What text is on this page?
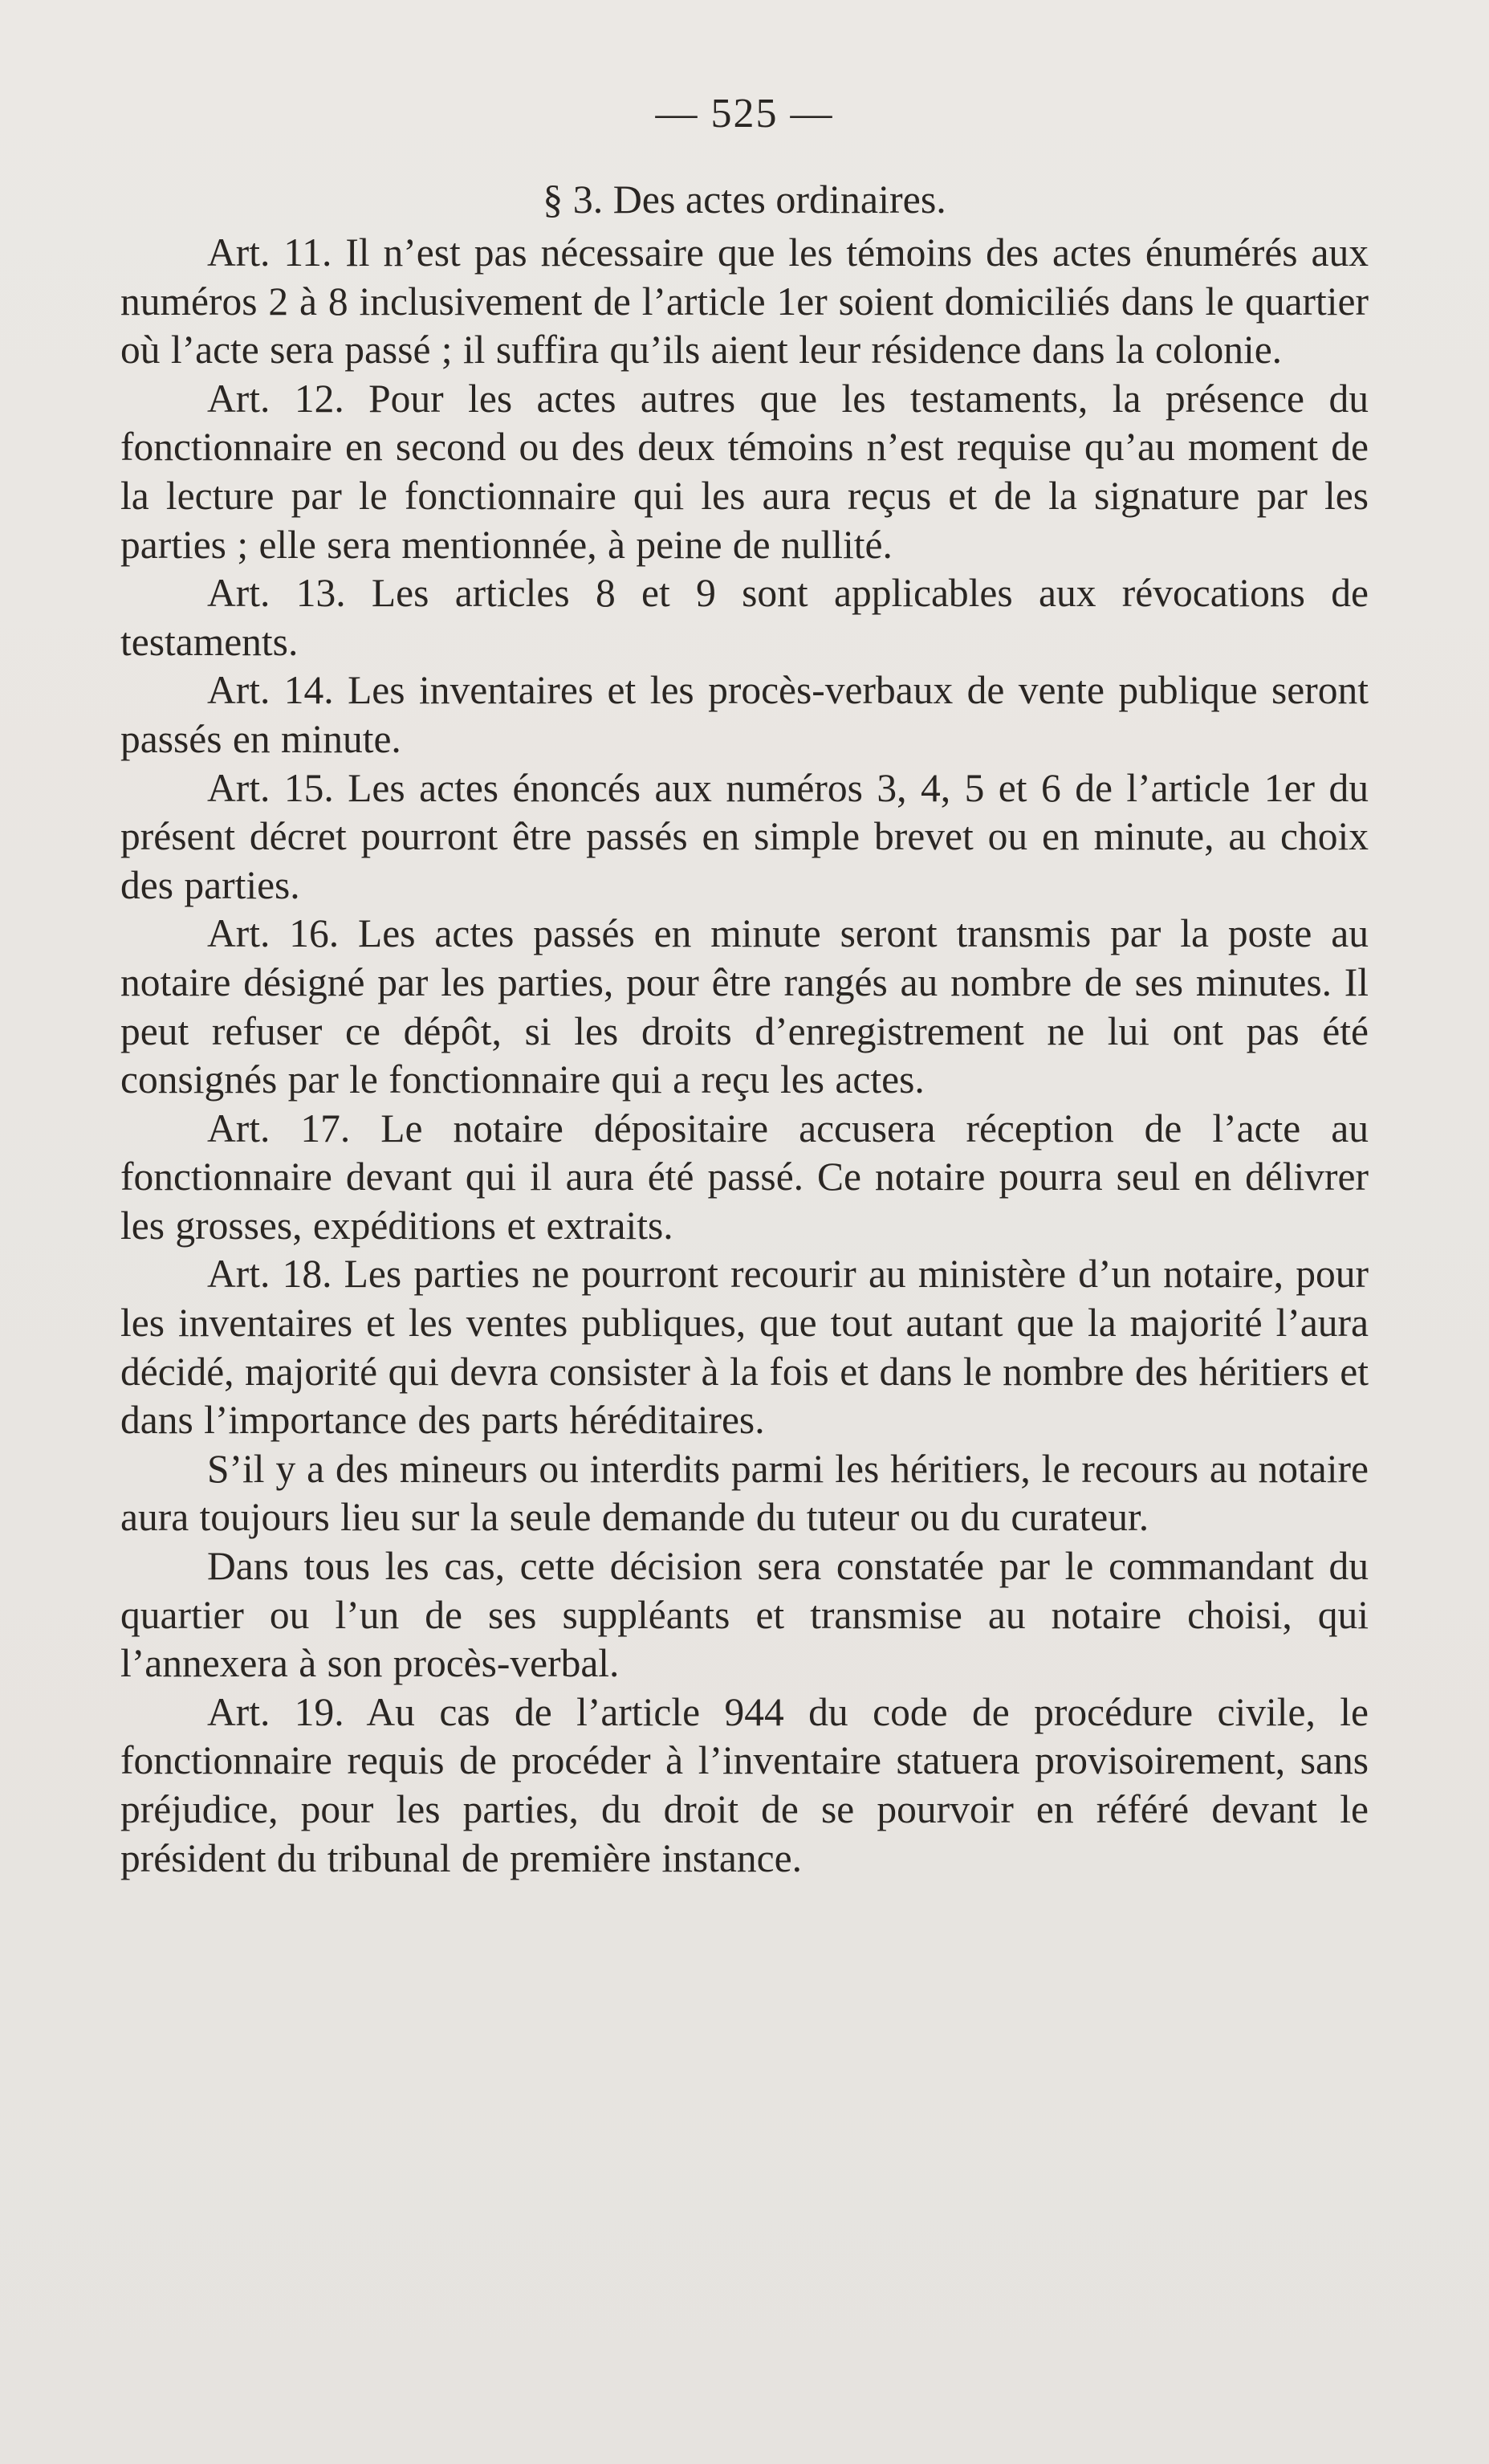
— 525 —
§ 3. Des actes ordinaires.

Art. 11. Il n’est pas nécessaire que les témoins des actes énumérés aux numéros 2 à 8 inclusivement de l’article 1er soient domiciliés dans le quartier où l’acte sera passé ; il suffira qu’ils aient leur résidence dans la colonie.

Art. 12. Pour les actes autres que les testaments, la présence du fonctionnaire en second ou des deux témoins n’est requise qu’au moment de la lecture par le fonctionnaire qui les aura reçus et de la signature par les parties ; elle sera mentionnée, à peine de nullité.

Art. 13. Les articles 8 et 9 sont applicables aux révocations de testaments.

Art. 14. Les inventaires et les procès-verbaux de vente publique seront passés en minute.

Art. 15. Les actes énoncés aux numéros 3, 4, 5 et 6 de l’article 1er du présent décret pourront être passés en simple brevet ou en minute, au choix des parties.

Art. 16. Les actes passés en minute seront transmis par la poste au notaire désigné par les parties, pour être rangés au nombre de ses minutes. Il peut refuser ce dépôt, si les droits d’enregistrement ne lui ont pas été consignés par le fonctionnaire qui a reçu les actes.

Art. 17. Le notaire dépositaire accusera réception de l’acte au fonctionnaire devant qui il aura été passé. Ce notaire pourra seul en délivrer les grosses, expéditions et extraits.

Art. 18. Les parties ne pourront recourir au ministère d’un notaire, pour les inventaires et les ventes publiques, que tout autant que la majorité l’aura décidé, majorité qui devra consister à la fois et dans le nombre des héritiers et dans l’importance des parts héréditaires.

S’il y a des mineurs ou interdits parmi les héritiers, le recours au notaire aura toujours lieu sur la seule demande du tuteur ou du curateur.

Dans tous les cas, cette décision sera constatée par le commandant du quartier ou l’un de ses suppléants et transmise au notaire choisi, qui l’annexera à son procès-verbal.

Art. 19. Au cas de l’article 944 du code de procédure civile, le fonctionnaire requis de procéder à l’inventaire statuera provisoirement, sans préjudice, pour les parties, du droit de se pourvoir en référé devant le président du tribunal de première instance.
